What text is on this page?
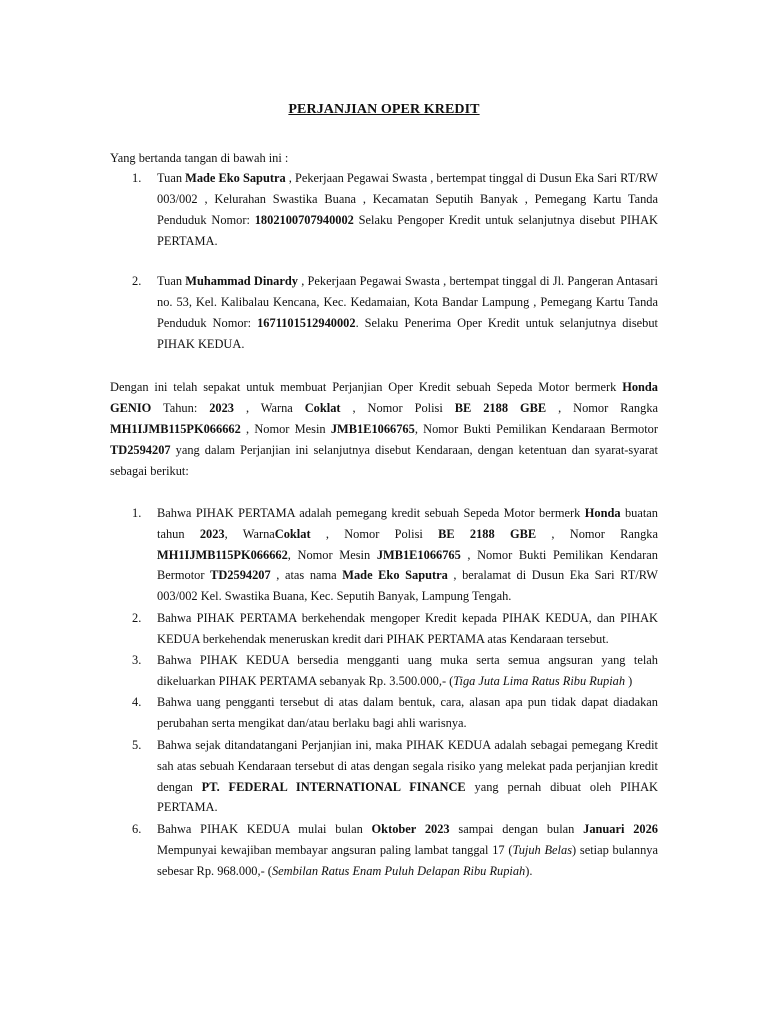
PERJANJIAN OPER KREDIT
Yang bertanda tangan di bawah ini :
1.	Tuan Made Eko Saputra , Pekerjaan Pegawai Swasta , bertempat tinggal di Dusun Eka Sari RT/RW 003/002 , Kelurahan Swastika Buana , Kecamatan Seputih Banyak , Pemegang Kartu Tanda Penduduk Nomor: 1802100707940002 Selaku Pengoper Kredit untuk selanjutnya disebut PIHAK PERTAMA.
2.	Tuan Muhammad Dinardy , Pekerjaan Pegawai Swasta , bertempat tinggal di Jl. Pangeran Antasari no. 53, Kel. Kalibalau Kencana, Kec. Kedamaian, Kota Bandar Lampung , Pemegang Kartu Tanda Penduduk Nomor: 1671101512940002. Selaku Penerima Oper Kredit untuk selanjutnya disebut PIHAK KEDUA.
Dengan ini telah sepakat untuk membuat Perjanjian Oper Kredit sebuah Sepeda Motor bermerk Honda GENIO Tahun: 2023 , Warna Coklat , Nomor Polisi BE 2188 GBE , Nomor Rangka MH1IJMB115PK066662 , Nomor Mesin JMB1E1066765, Nomor Bukti Pemilikan Kendaraan Bermotor TD2594207 yang dalam Perjanjian ini selanjutnya disebut Kendaraan, dengan ketentuan dan syarat-syarat sebagai berikut:
1.	Bahwa PIHAK PERTAMA adalah pemegang kredit sebuah Sepeda Motor bermerk Honda buatan tahun 2023, WarnaCoklat , Nomor Polisi BE 2188 GBE , Nomor Rangka MH1IJMB115PK066662, Nomor Mesin JMB1E1066765 , Nomor Bukti Pemilikan Kendaran Bermotor TD2594207 , atas nama Made Eko Saputra , beralamat di Dusun Eka Sari RT/RW 003/002 Kel. Swastika Buana, Kec. Seputih Banyak, Lampung Tengah.
2.	Bahwa PIHAK PERTAMA berkehendak mengoper Kredit kepada PIHAK KEDUA, dan PIHAK KEDUA berkehendak meneruskan kredit dari PIHAK PERTAMA atas Kendaraan tersebut.
3.	Bahwa PIHAK KEDUA bersedia mengganti uang muka serta semua angsuran yang telah dikeluarkan PIHAK PERTAMA sebanyak Rp. 3.500.000,- (Tiga Juta Lima Ratus Ribu Rupiah )
4.	Bahwa uang pengganti tersebut di atas dalam bentuk, cara, alasan apa pun tidak dapat diadakan perubahan serta mengikat dan/atau berlaku bagi ahli warisnya.
5.	Bahwa sejak ditandatangani Perjanjian ini, maka PIHAK KEDUA adalah sebagai pemegang Kredit sah atas sebuah Kendaraan tersebut di atas dengan segala risiko yang melekat pada perjanjian kredit dengan PT. FEDERAL INTERNATIONAL FINANCE yang pernah dibuat oleh PIHAK PERTAMA.
6.	Bahwa PIHAK KEDUA mulai bulan Oktober 2023 sampai dengan bulan Januari 2026 Mempunyai kewajiban membayar angsuran paling lambat tanggal 17 (Tujuh Belas) setiap bulannya sebesar Rp. 968.000,- (Sembilan Ratus Enam Puluh Delapan Ribu Rupiah).
